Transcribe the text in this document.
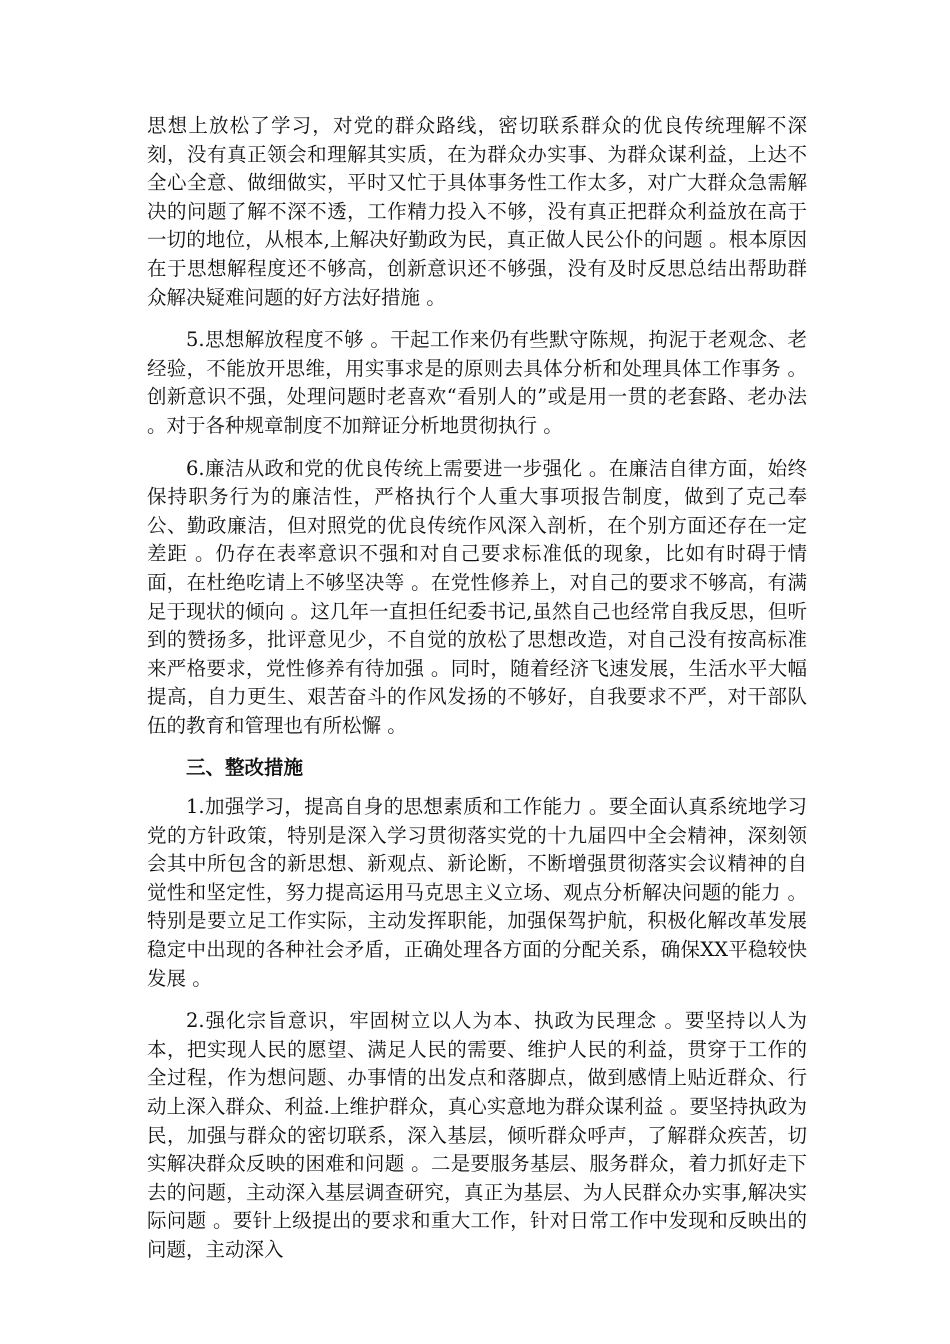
思想上放松了学习，对党的群众路线，密切联系群众的优良传统理解不深刻，没有真正领会和理解其实质，在为群众办实事、为群众谋利益，上达不全心全意、做细做实，平时又忙于具体事务性工作太多，对广大群众急需解决的问题了解不深不透，工作精力投入不够，没有真正把群众利益放在高于一切的地位，从根本,上解决好勤政为民，真正做人民公仆的问题 。根本原因在于思想解程度还不够高，创新意识还不够强，没有及时反思总结出帮助群众解决疑难问题的好方法好措施 。

5.思想解放程度不够 。干起工作来仍有些默守陈规，拘泥于老观念、老经验，不能放开思维，用实事求是的原则去具体分析和处理具体工作事务 。创新意识不强，处理问题时老喜欢“看别人的”或是用一贯的老套路、老办法 。对于各种规章制度不加辩证分析地贯彻执行 。

6.廉洁从政和党的优良传统上需要进一步强化 。在廉洁自律方面，始终保持职务行为的廉洁性，严格执行个人重大事项报告制度，做到了克己奉公、勤政廉洁，但对照党的优良传统作风深入剖析，在个别方面还存在一定差距 。仍存在表率意识不强和对自己要求标准低的现象，比如有时碍于情面，在杜绝吃请上不够坚决等 。在党性修养上，对自己的要求不够高，有满足于现状的倾向 。这几年一直担任纪委书记,虽然自己也经常自我反思，但听到的赞扬多，批评意见少，不自觉的放松了思想改造，对自己没有按高标准来严格要求，党性修养有待加强 。同时，随着经济飞速发展，生活水平大幅提高，自力更生、艰苦奋斗的作风发扬的不够好，自我要求不严，对干部队伍的教育和管理也有所松懈 。

三、整改措施

1.加强学习，提高自身的思想素质和工作能力 。要全面认真系统地学习党的方针政策，特别是深入学习贯彻落实党的十九届四中全会精神，深刻领会其中所包含的新思想、新观点、新论断，不断增强贯彻落实会议精神的自觉性和坚定性，努力提高运用马克思主义立场、观点分析解决问题的能力 。特别是要立足工作实际，主动发挥职能，加强保驾护航，积极化解改革发展稳定中出现的各种社会矛盾，正确处理各方面的分配关系，确保XX平稳较快发展 。

2.强化宗旨意识，牢固树立以人为本、执政为民理念 。要坚持以人为本，把实现人民的愿望、满足人民的需要、维护人民的利益，贯穿于工作的全过程，作为想问题、办事情的出发点和落脚点，做到感情上贴近群众、行动上深入群众、利益.上维护群众，真心实意地为群众谋利益 。要坚持执政为民，加强与群众的密切联系，深入基层，倾听群众呼声，了解群众疾苦，切实解决群众反映的困难和问题 。二是要服务基层、服务群众，着力抓好走下去的问题，主动深入基层调查研究，真正为基层、为人民群众办实事,解决实际问题 。要针上级提出的要求和重大工作，针对日常工作中发现和反映出的问题，主动深入
